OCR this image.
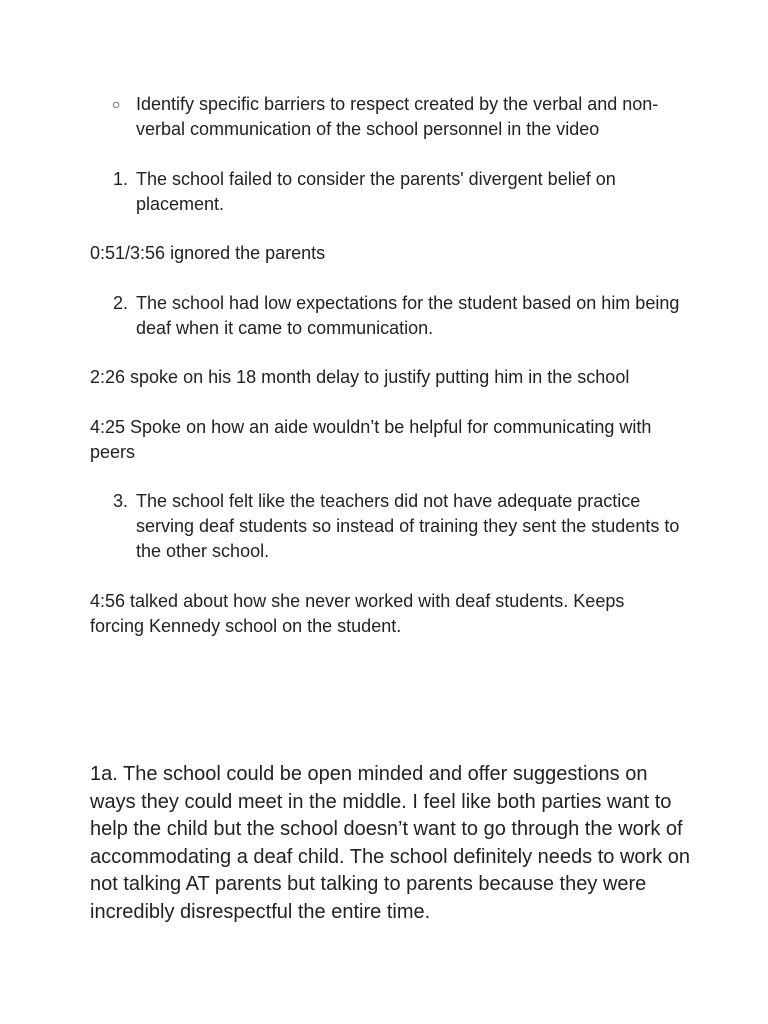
○ Identify specific barriers to respect created by the verbal and non-verbal communication of the school personnel in the video
1. The school failed to consider the parents' divergent belief on placement.
0:51/3:56 ignored the parents
2. The school had low expectations for the student based on him being deaf when it came to communication.
2:26 spoke on his 18 month delay to justify putting him in the school
4:25 Spoke on how an aide wouldn’t be helpful for communicating with peers
3. The school felt like the teachers did not have adequate practice serving deaf students so instead of training they sent the students to the other school.
4:56 talked about how she never worked with deaf students. Keeps forcing Kennedy school on the student.
1a. The school could be open minded and offer suggestions on ways they could meet in the middle. I feel like both parties want to help the child but the school doesn’t want to go through the work of accommodating a deaf child. The school definitely needs to work on not talking AT parents but talking to parents because they were incredibly disrespectful the entire time.
